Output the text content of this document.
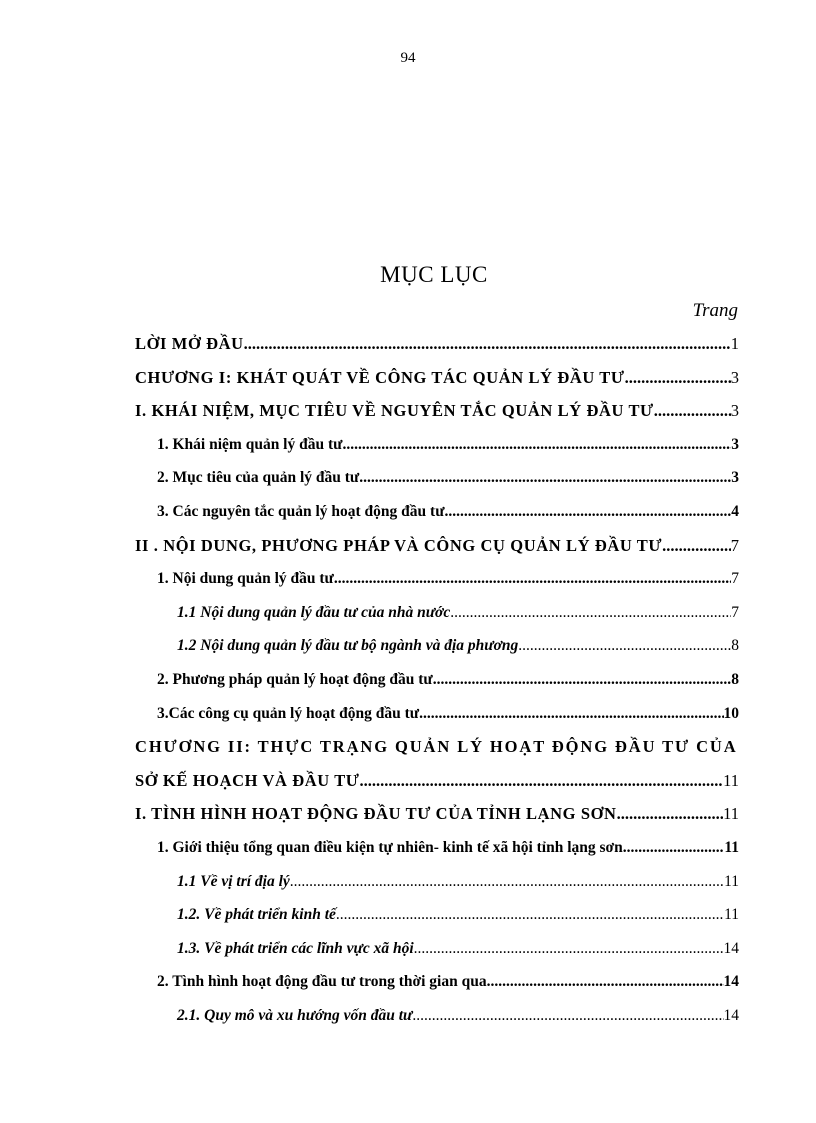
94
MỤC LỤC
Trang
LỜI MỞ ĐẦU .....	1
CHƯƠNG I: KHÁT QUÁT VỀ CÔNG TÁC QUẢN LÝ ĐẦU TƯ .....	3
I. KHÁI NIỆM, MỤC TIÊU VỀ NGUYÊN TẮC QUẢN LÝ ĐẦU TƯ .....	3
1. Khái niệm quản lý đầu tư .....	3
2. Mục tiêu của quản lý đầu tư .....	3
3. Các nguyên tắc quản lý hoạt động đầu tư .....	4
II . NỘI DUNG, PHƯƠNG PHÁP VÀ CÔNG CỤ QUẢN LÝ ĐẦU TƯ .....	7
1. Nội dung quản lý đầu tư .....	7
1.1 Nội dung quản lý đầu tư của nhà nước .....	7
1.2 Nội dung quản lý đầu tư bộ ngành và địa phương .....	8
2. Phương pháp quản lý hoạt động đầu tư .....	8
3.Các công cụ quản lý hoạt động đầu tư .....	10
CHƯƠNG II: THỰC TRẠNG QUẢN LÝ HOẠT ĐỘNG ĐẦU TƯ CỦA
SỞ KẾ HOẠCH VÀ ĐẦU TƯ .....	11
I. TÌNH HÌNH HOẠT ĐỘNG ĐẦU TƯ CỦA TỈNH LẠNG SƠN .....	11
1. Giới thiệu tổng quan điều kiện tự nhiên- kinh tế xã hội tỉnh lạng sơn .....	11
1.1 Về vị trí địa lý .....	11
1.2. Về phát triển kinh tế .....	11
1.3. Về phát triển các lĩnh vực xã hội .....	14
2. Tình hình hoạt động đầu tư trong thời gian qua .....	14
2.1. Quy mô và xu hướng vốn đầu tư .....	14
